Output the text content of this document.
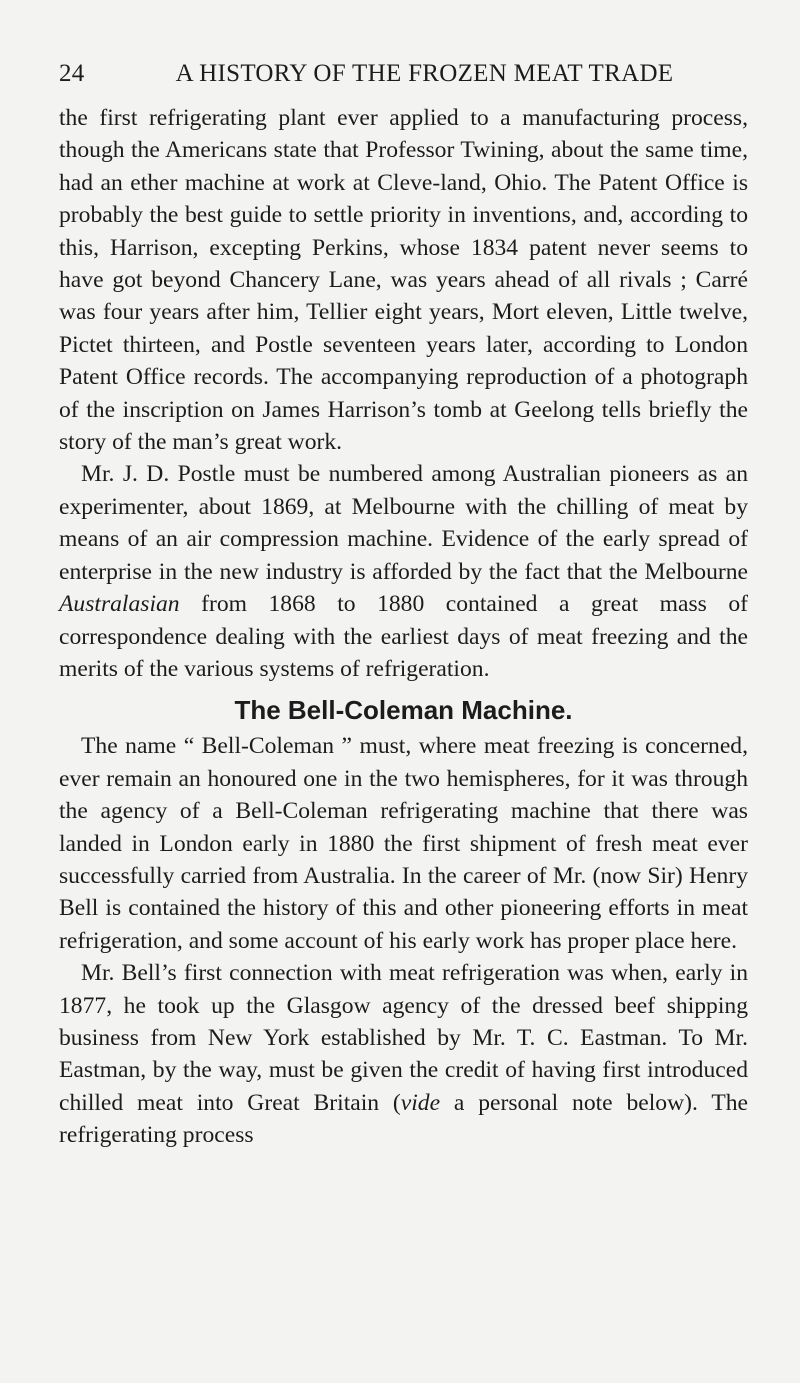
24	A HISTORY OF THE FROZEN MEAT TRADE

the first refrigerating plant ever applied to a manufacturing process, though the Americans state that Professor Twining, about the same time, had an ether machine at work at Cleve-land, Ohio. The Patent Office is probably the best guide to settle priority in inventions, and, according to this, Harrison, excepting Perkins, whose 1834 patent never seems to have got beyond Chancery Lane, was years ahead of all rivals ; Carré was four years after him, Tellier eight years, Mort eleven, Little twelve, Pictet thirteen, and Postle seventeen years later, according to London Patent Office records. The accompanying reproduction of a photograph of the inscription on James Harrison’s tomb at Geelong tells briefly the story of the man’s great work.

Mr. J. D. Postle must be numbered among Australian pioneers as an experimenter, about 1869, at Melbourne with the chilling of meat by means of an air compression machine. Evidence of the early spread of enterprise in the new industry is afforded by the fact that the Melbourne Australasian from 1868 to 1880 contained a great mass of correspondence dealing with the earliest days of meat freezing and the merits of the various systems of refrigeration.

The Bell-Coleman Machine.

The name “ Bell-Coleman ” must, where meat freezing is concerned, ever remain an honoured one in the two hemispheres, for it was through the agency of a Bell-Coleman refrigerating machine that there was landed in London early in 1880 the first shipment of fresh meat ever successfully carried from Australia. In the career of Mr. (now Sir) Henry Bell is contained the history of this and other pioneering efforts in meat refrigeration, and some account of his early work has proper place here.

Mr. Bell’s first connection with meat refrigeration was when, early in 1877, he took up the Glasgow agency of the dressed beef shipping business from New York established by Mr. T. C. Eastman. To Mr. Eastman, by the way, must be given the credit of having first introduced chilled meat into Great Britain (vide a personal note below). The refrigerating process
